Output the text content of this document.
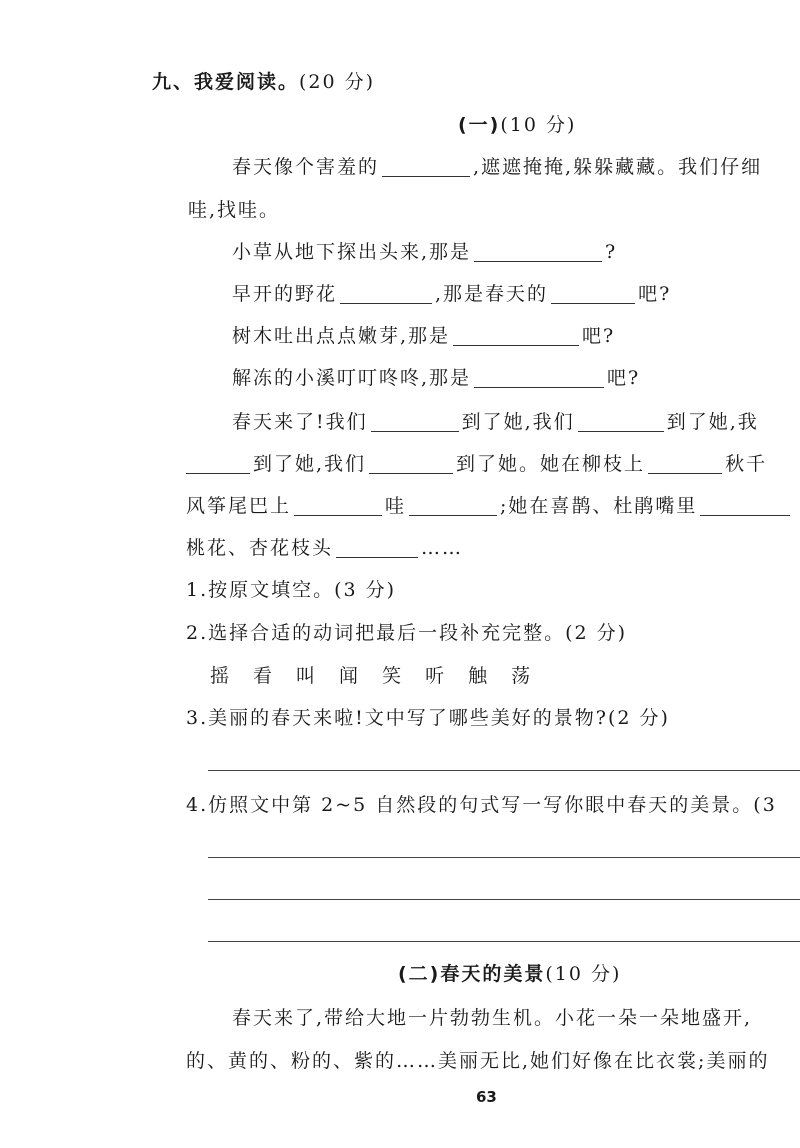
九、我爱阅读。(20 分)
(一)(10 分)
春天像个害羞的	,遮遮掩掩,躲躲藏藏。我们仔细
哇,找哇。
小草从地下探出头来,那是	?
早开的野花	,那是春天的	吧?
树木吐出点点嫩芽,那是	吧?
解冻的小溪叮叮咚咚,那是	吧?
春天来了!我们	到了她,我们	到了她,我
到了她,我们	到了她。她在柳枝上	秋千
风筝尾巴上	哇	;她在喜鹊、杜鹃嘴里
桃花、杏花枝头	……
1.按原文填空。(3 分)
2.选择合适的动词把最后一段补充完整。(2 分)
摇 看 叫 闻 笑 听 触 荡
3.美丽的春天来啦!文中写了哪些美好的景物?(2 分)
4.仿照文中第 2~5 自然段的句式写一写你眼中春天的美景。(3
(二)春天的美景(10 分)
春天来了,带给大地一片勃勃生机。小花一朵一朵地盛开,
的、黄的、粉的、紫的……美丽无比,她们好像在比衣裳;美丽的
63
